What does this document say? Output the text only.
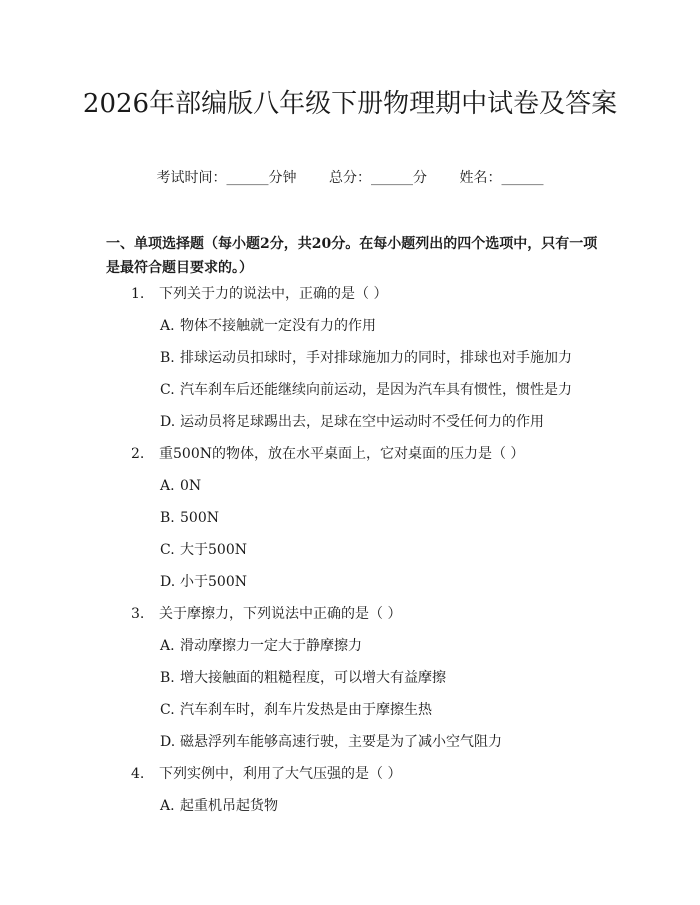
2026年部编版八年级下册物理期中试卷及答案
考试时间：______分钟 总分：______分 姓名：______

一、单项选择题（每小题2分，共20分。在每小题列出的四个选项中，只有一项是最符合题目要求的。）

1. 下列关于力的说法中，正确的是（ ）
A. 物体不接触就一定没有力的作用
B. 排球运动员扣球时，手对排球施加力的同时，排球也对手施加力
C. 汽车刹车后还能继续向前运动，是因为汽车具有惯性，惯性是力
D. 运动员将足球踢出去，足球在空中运动时不受任何力的作用
2. 重500N的物体，放在水平桌面上，它对桌面的压力是（ ）
A. 0N
B. 500N
C. 大于500N
D. 小于500N
3. 关于摩擦力，下列说法中正确的是（ ）
A. 滑动摩擦力一定大于静摩擦力
B. 增大接触面的粗糙程度，可以增大有益摩擦
C. 汽车刹车时，刹车片发热是由于摩擦生热
D. 磁悬浮列车能够高速行驶，主要是为了减小空气阻力
4. 下列实例中，利用了大气压强的是（ ）
A. 起重机吊起货物
